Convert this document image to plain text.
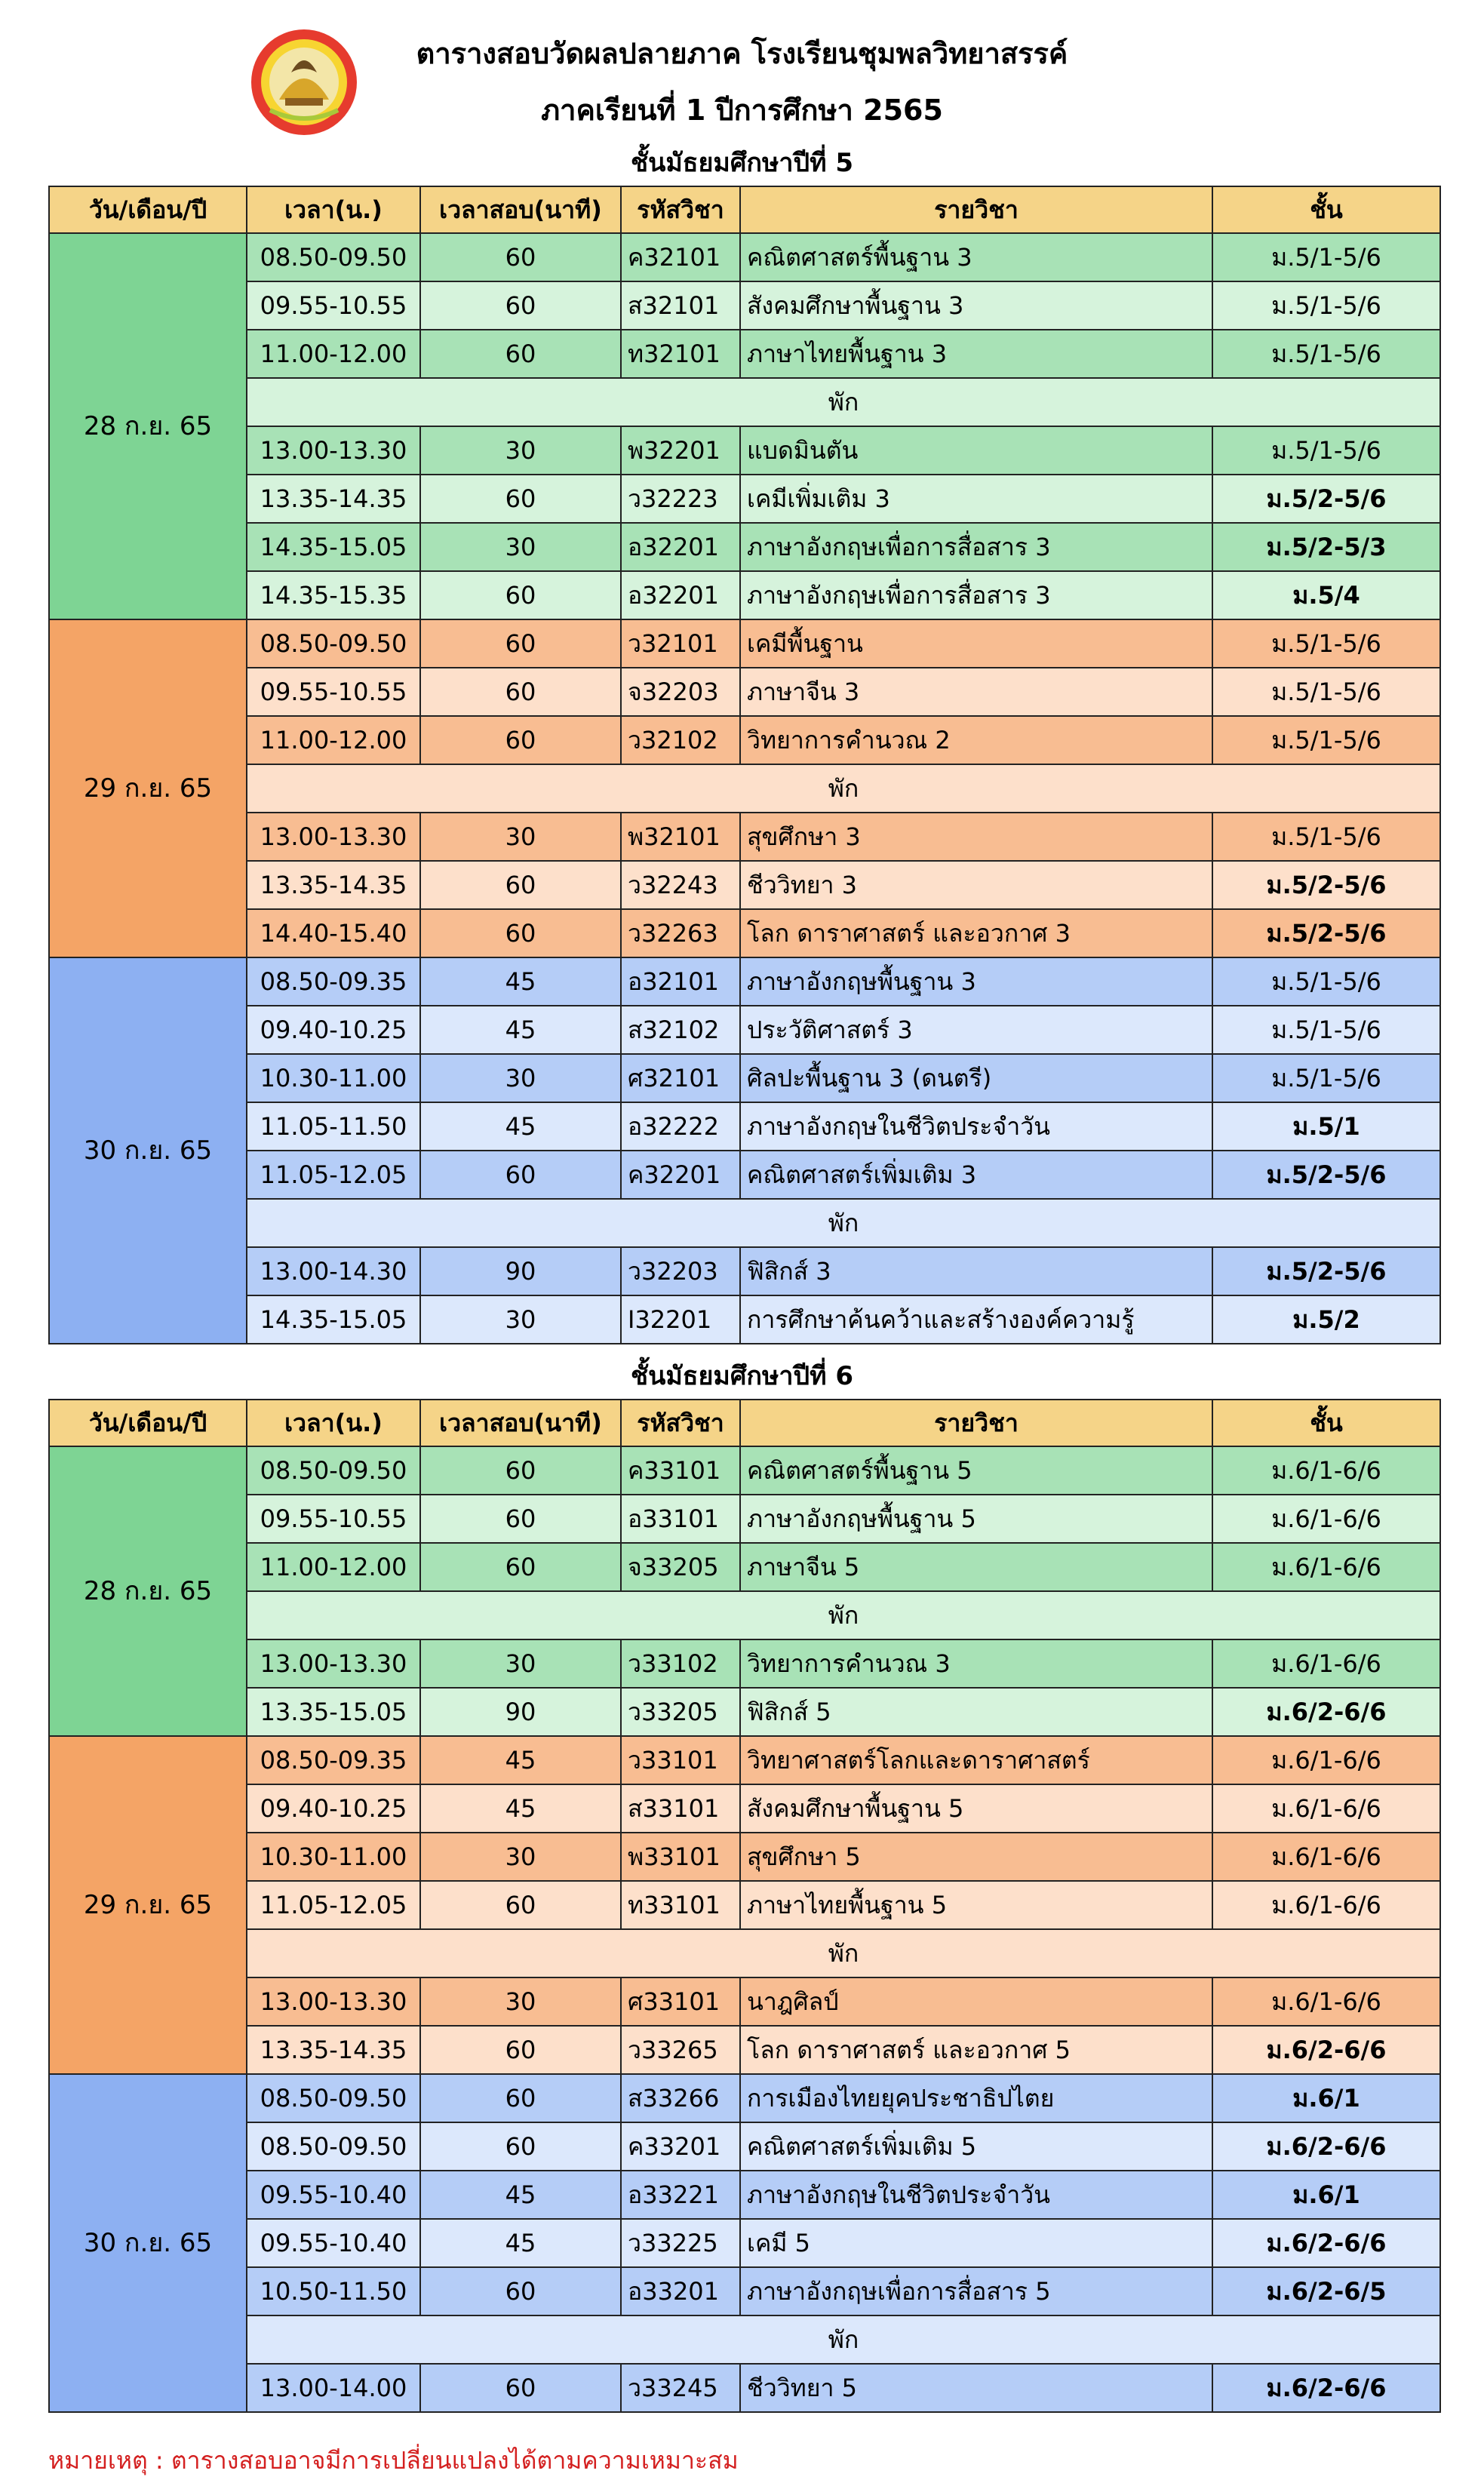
ตารางสอบวัดผลปลายภาค โรงเรียนชุมพลวิทยาสรรค์
ภาคเรียนที่ 1 ปีการศึกษา 2565
ชั้นมัธยมศึกษาปีที่ 5
วัน/เดือน/ปี	เวลา(น.)	เวลาสอบ(นาที)	รหัสวิชา	รายวิชา	ชั้น
28 ก.ย. 65	08.50-09.50	60	ค32101	คณิตศาสตร์พื้นฐาน 3	ม.5/1-5/6
	09.55-10.55	60	ส32101	สังคมศึกษาพื้นฐาน 3	ม.5/1-5/6
	11.00-12.00	60	ท32101	ภาษาไทยพื้นฐาน 3	ม.5/1-5/6
	พัก				
	13.00-13.30	30	พ32201	แบดมินตัน	ม.5/1-5/6
	13.35-14.35	60	ว32223	เคมีเพิ่มเติม 3	ม.5/2-5/6
	14.35-15.05	30	อ32201	ภาษาอังกฤษเพื่อการสื่อสาร 3	ม.5/2-5/3
	14.35-15.35	60	อ32201	ภาษาอังกฤษเพื่อการสื่อสาร 3	ม.5/4
29 ก.ย. 65	08.50-09.50	60	ว32101	เคมีพื้นฐาน	ม.5/1-5/6
	09.55-10.55	60	จ32203	ภาษาจีน 3	ม.5/1-5/6
	11.00-12.00	60	ว32102	วิทยาการคำนวณ 2	ม.5/1-5/6
	พัก				
	13.00-13.30	30	พ32101	สุขศึกษา 3	ม.5/1-5/6
	13.35-14.35	60	ว32243	ชีววิทยา 3	ม.5/2-5/6
	14.40-15.40	60	ว32263	โลก ดาราศาสตร์ และอวกาศ 3	ม.5/2-5/6
30 ก.ย. 65	08.50-09.35	45	อ32101	ภาษาอังกฤษพื้นฐาน 3	ม.5/1-5/6
	09.40-10.25	45	ส32102	ประวัติศาสตร์ 3	ม.5/1-5/6
	10.30-11.00	30	ศ32101	ศิลปะพื้นฐาน 3 (ดนตรี)	ม.5/1-5/6
	11.05-11.50	45	อ32222	ภาษาอังกฤษในชีวิตประจำวัน	ม.5/1
	11.05-12.05	60	ค32201	คณิตศาสตร์เพิ่มเติม 3	ม.5/2-5/6
	พัก				
	13.00-14.30	90	ว32203	ฟิสิกส์ 3	ม.5/2-5/6
	14.35-15.05	30	I32201	การศึกษาค้นคว้าและสร้างองค์ความรู้	ม.5/2
ชั้นมัธยมศึกษาปีที่ 6
วัน/เดือน/ปี	เวลา(น.)	เวลาสอบ(นาที)	รหัสวิชา	รายวิชา	ชั้น
28 ก.ย. 65	08.50-09.50	60	ค33101	คณิตศาสตร์พื้นฐาน 5	ม.6/1-6/6
	09.55-10.55	60	อ33101	ภาษาอังกฤษพื้นฐาน 5	ม.6/1-6/6
	11.00-12.00	60	จ33205	ภาษาจีน 5	ม.6/1-6/6
	พัก				
	13.00-13.30	30	ว33102	วิทยาการคำนวณ 3	ม.6/1-6/6
	13.35-15.05	90	ว33205	ฟิสิกส์ 5	ม.6/2-6/6
29 ก.ย. 65	08.50-09.35	45	ว33101	วิทยาศาสตร์โลกและดาราศาสตร์	ม.6/1-6/6
	09.40-10.25	45	ส33101	สังคมศึกษาพื้นฐาน 5	ม.6/1-6/6
	10.30-11.00	30	พ33101	สุขศึกษา 5	ม.6/1-6/6
	11.05-12.05	60	ท33101	ภาษาไทยพื้นฐาน 5	ม.6/1-6/6
	พัก				
	13.00-13.30	30	ศ33101	นาฎศิลป์	ม.6/1-6/6
	13.35-14.35	60	ว33265	โลก ดาราศาสตร์ และอวกาศ 5	ม.6/2-6/6
30 ก.ย. 65	08.50-09.50	60	ส33266	การเมืองไทยยุคประชาธิปไตย	ม.6/1
	08.50-09.50	60	ค33201	คณิตศาสตร์เพิ่มเติม 5	ม.6/2-6/6
	09.55-10.40	45	อ33221	ภาษาอังกฤษในชีวิตประจำวัน	ม.6/1
	09.55-10.40	45	ว33225	เคมี 5	ม.6/2-6/6
	10.50-11.50	60	อ33201	ภาษาอังกฤษเพื่อการสื่อสาร 5	ม.6/2-6/5
	พัก				
	13.00-14.00	60	ว33245	ชีววิทยา 5	ม.6/2-6/6
หมายเหตุ : ตารางสอบอาจมีการเปลี่ยนแปลงได้ตามความเหมาะสม
